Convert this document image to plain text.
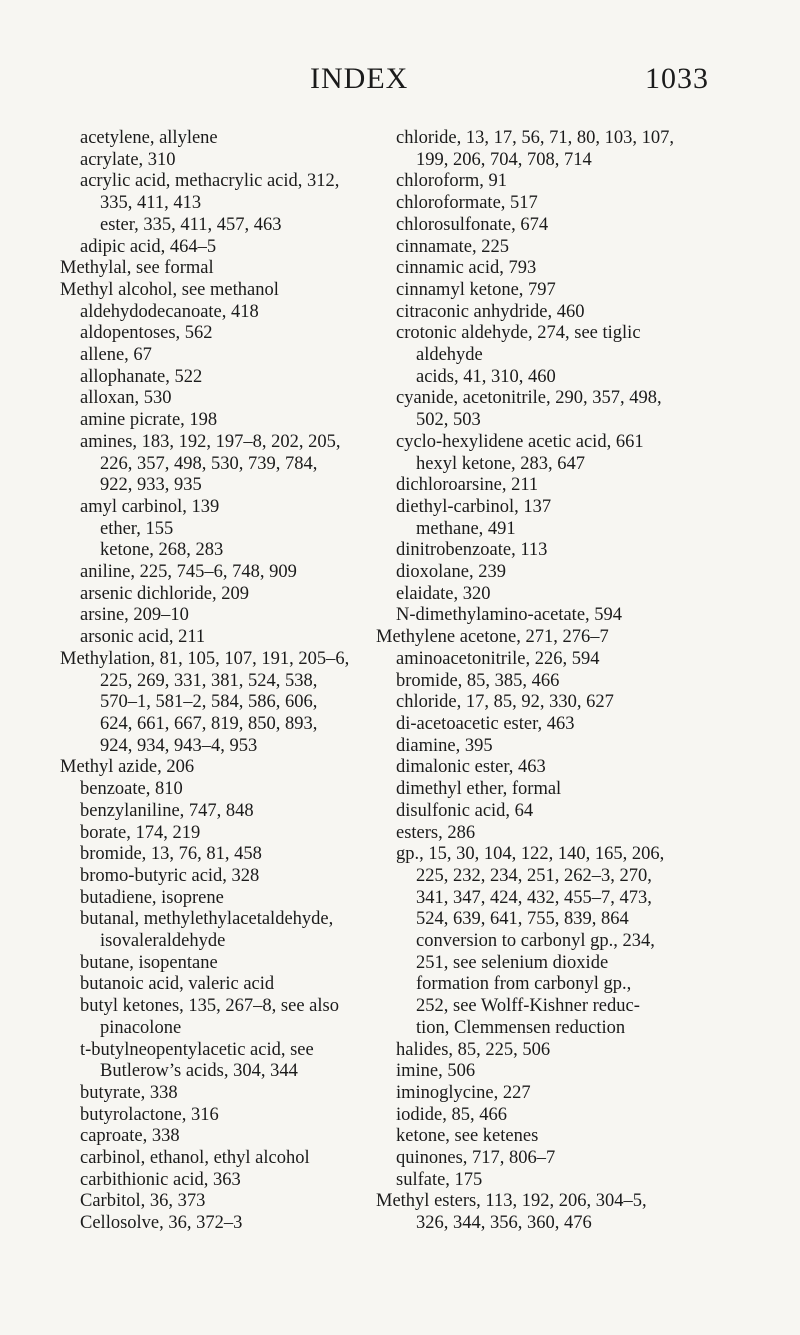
INDEX	1033
acetylene, allylene
acrylate, 310
acrylic acid, methacrylic acid, 312,
335, 411, 413
ester, 335, 411, 457, 463
adipic acid, 464–5
Methylal, see formal
Methyl alcohol, see methanol
aldehydodecanoate, 418
aldopentoses, 562
allene, 67
allophanate, 522
alloxan, 530
amine picrate, 198
amines, 183, 192, 197–8, 202, 205,
226, 357, 498, 530, 739, 784,
922, 933, 935
amyl carbinol, 139
ether, 155
ketone, 268, 283
aniline, 225, 745–6, 748, 909
arsenic dichloride, 209
arsine, 209–10
arsonic acid, 211
Methylation, 81, 105, 107, 191, 205–6,
225, 269, 331, 381, 524, 538,
570–1, 581–2, 584, 586, 606,
624, 661, 667, 819, 850, 893,
924, 934, 943–4, 953
Methyl azide, 206
benzoate, 810
benzylaniline, 747, 848
borate, 174, 219
bromide, 13, 76, 81, 458
bromo-butyric acid, 328
butadiene, isoprene
butanal, methylethylacetaldehyde,
isovaleraldehyde
butane, isopentane
butanoic acid, valeric acid
butyl ketones, 135, 267–8, see also
pinacolone
t-butylneopentylacetic acid, see
Butlerow’s acids, 304, 344
butyrate, 338
butyrolactone, 316
caproate, 338
carbinol, ethanol, ethyl alcohol
carbithionic acid, 363
Carbitol, 36, 373
Cellosolve, 36, 372–3
chloride, 13, 17, 56, 71, 80, 103, 107,
199, 206, 704, 708, 714
chloroform, 91
chloroformate, 517
chlorosulfonate, 674
cinnamate, 225
cinnamic acid, 793
cinnamyl ketone, 797
citraconic anhydride, 460
crotonic aldehyde, 274, see tiglic
aldehyde
acids, 41, 310, 460
cyanide, acetonitrile, 290, 357, 498,
502, 503
cyclo-hexylidene acetic acid, 661
hexyl ketone, 283, 647
dichloroarsine, 211
diethyl-carbinol, 137
methane, 491
dinitrobenzoate, 113
dioxolane, 239
elaidate, 320
N-dimethylamino-acetate, 594
Methylene acetone, 271, 276–7
aminoacetonitrile, 226, 594
bromide, 85, 385, 466
chloride, 17, 85, 92, 330, 627
di-acetoacetic ester, 463
diamine, 395
dimalonic ester, 463
dimethyl ether, formal
disulfonic acid, 64
esters, 286
gp., 15, 30, 104, 122, 140, 165, 206,
225, 232, 234, 251, 262–3, 270,
341, 347, 424, 432, 455–7, 473,
524, 639, 641, 755, 839, 864
conversion to carbonyl gp., 234,
251, see selenium dioxide
formation from carbonyl gp.,
252, see Wolff-Kishner reduc-
tion, Clemmensen reduction
halides, 85, 225, 506
imine, 506
iminoglycine, 227
iodide, 85, 466
ketone, see ketenes
quinones, 717, 806–7
sulfate, 175
Methyl esters, 113, 192, 206, 304–5,
326, 344, 356, 360, 476
